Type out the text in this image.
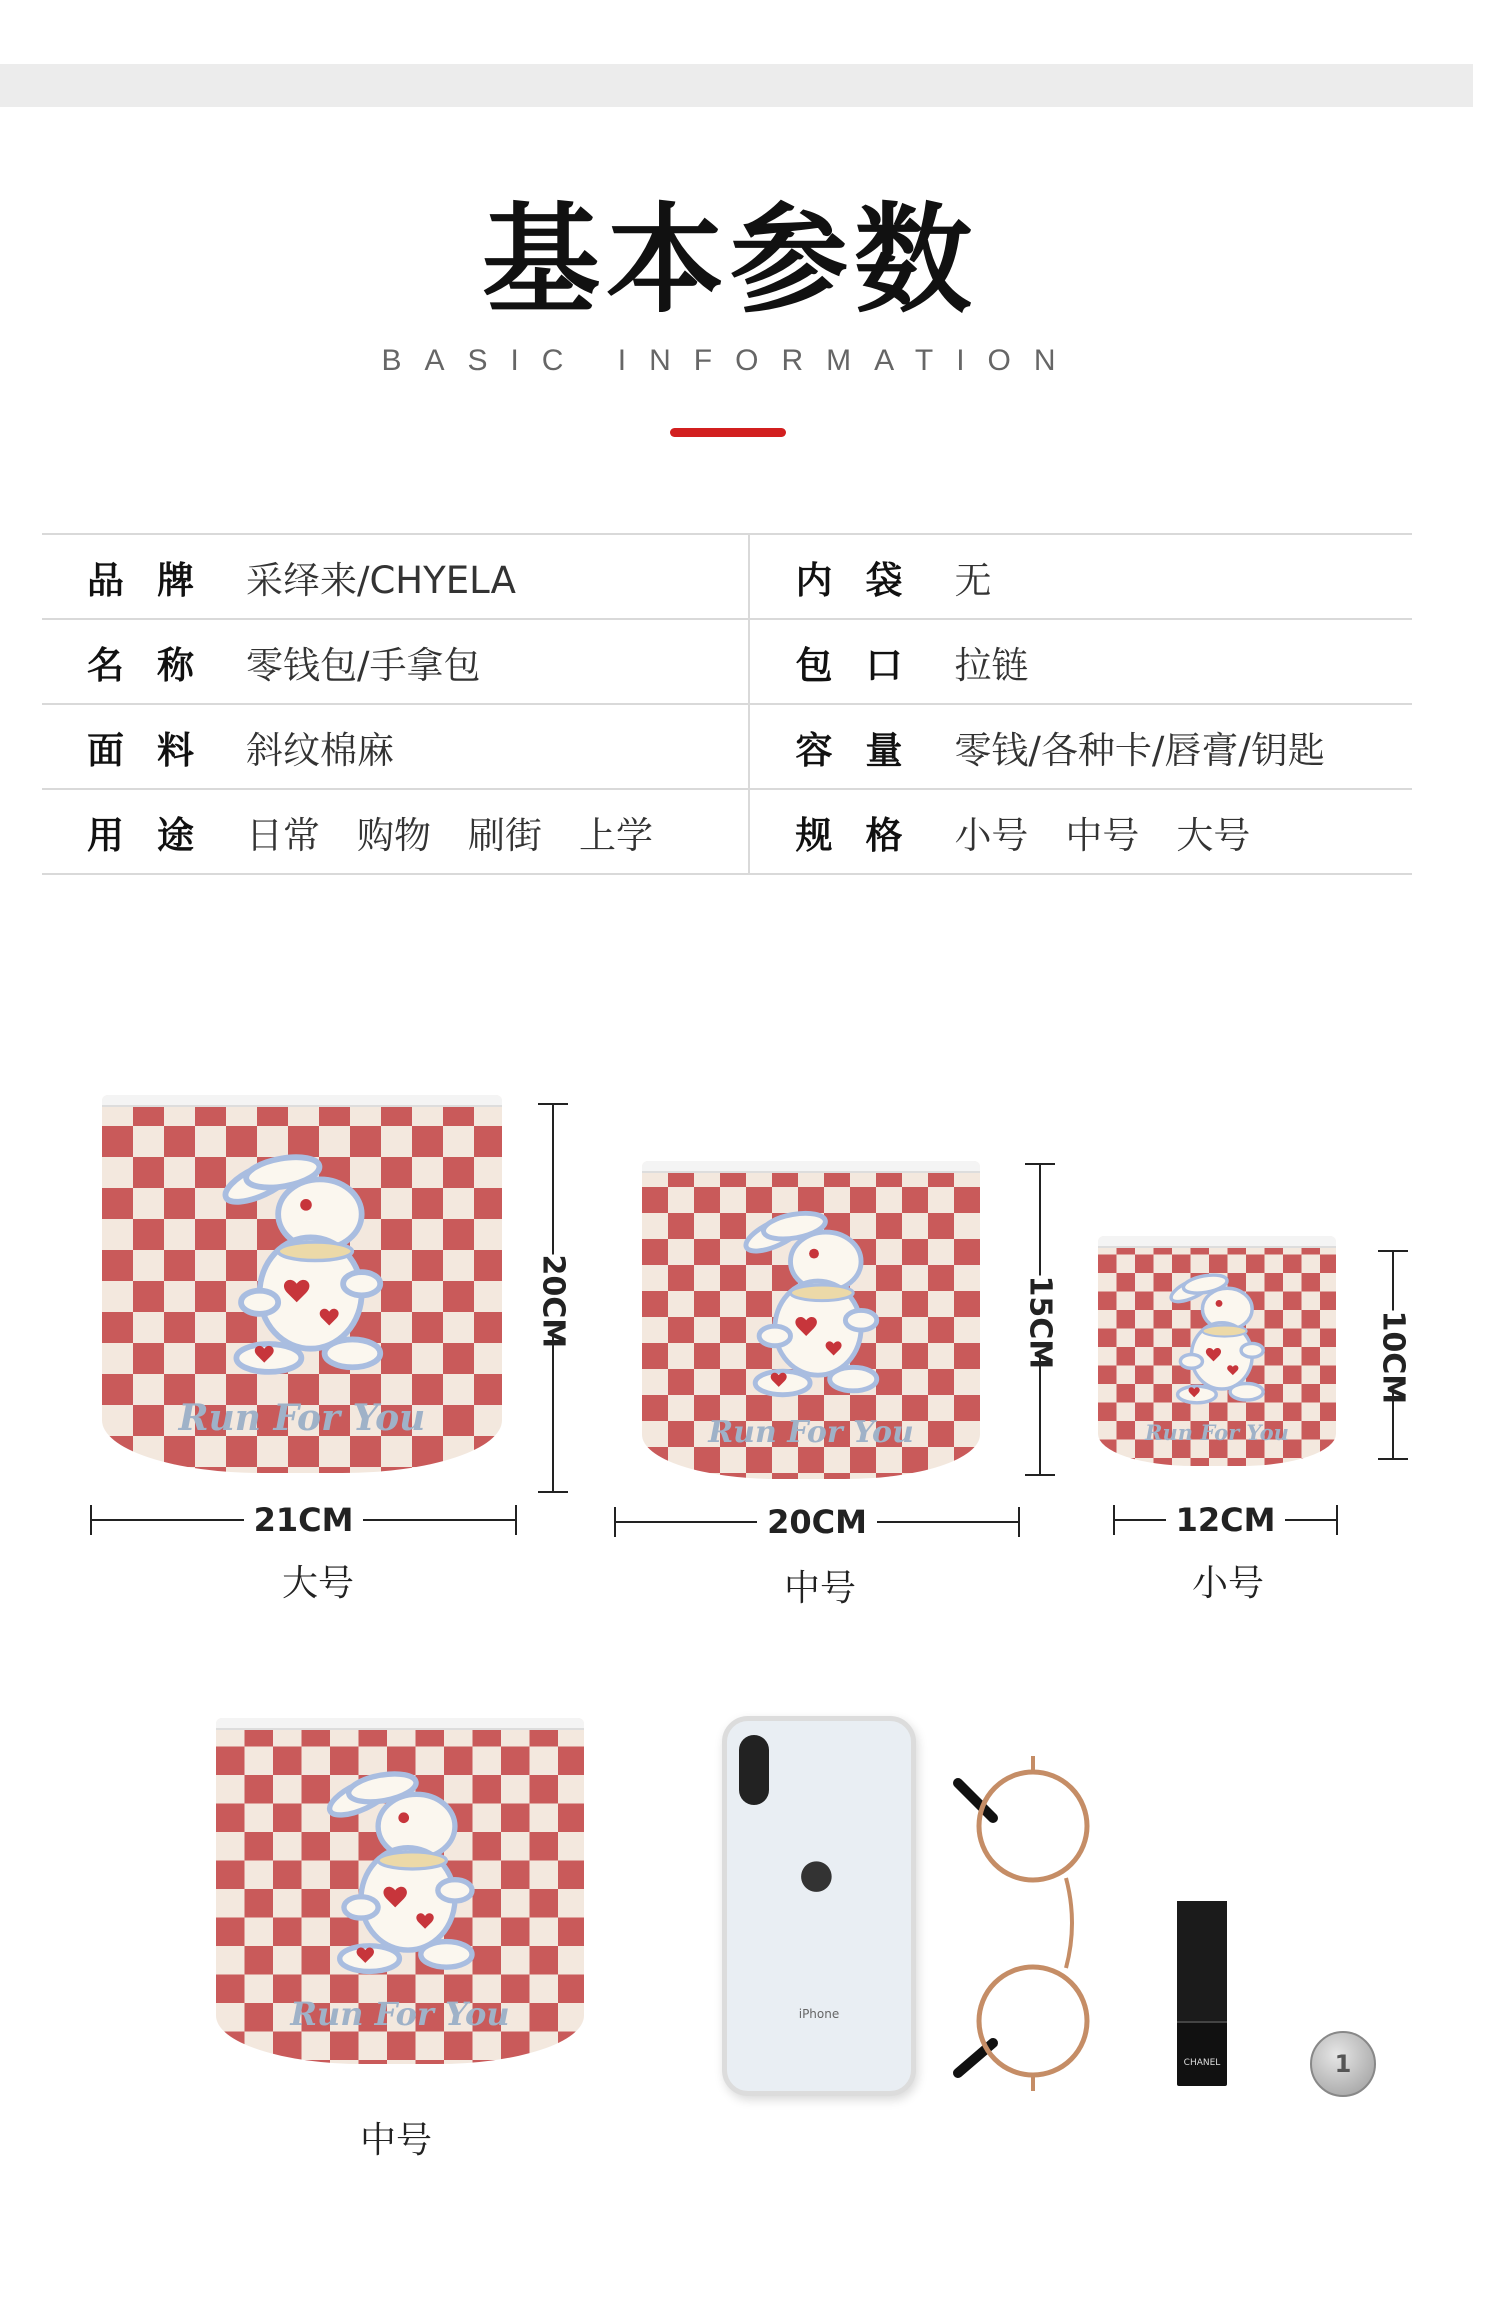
基本参数
BASIC INFORMATION
品 牌	采绎来/CHYELA	内 袋	无

名 称	零钱包/手拿包	包 口	拉链

面 料	斜纹棉麻	容 量	零钱/各种卡/唇膏/钥匙

用 途	日常　购物　刷街　上学	规 格	小号　中号　大号
Run For You
20CM
21CM
大号
Run For You
15CM
20CM
中号
Run For You
10CM
12CM
小号
Run For You
中号
●
iPhone
CHANEL	1
